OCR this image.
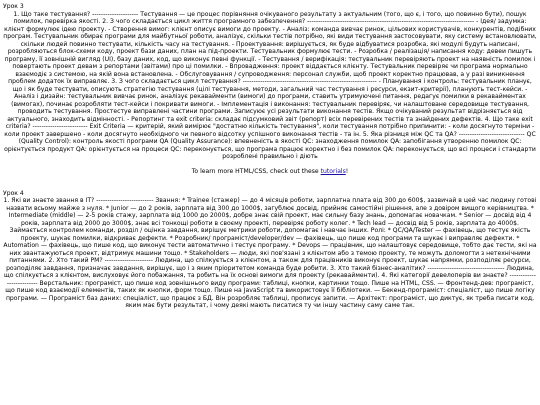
Урок 3
1. Що таке тестування? --------------------- Тестування — це процес порівняння очікуваного результату з актуальним (того, що є, і того, що повинно бути), пошук помилок, перевірка якості. 2. З чого складається цикл життя програмного забезпечення? ---------------------------------------------------------------------------- - Ідея/ задумка: клієнт формулює ідею проекту. - Створення вимог: клієнт описує вимоги до проекту. - Аналіз: команда вивчає ринок, цільових користувачів, конкурентів, подібних програм. Тестувальник обирає програми для майбутньої роботи, аналізує, скільки тестів потрібно, які види тестування застосовувати, яку систему встановлювати, скільки людей повинно тестувати, кількість часу на тестування. - Проектування: вирішується, як буде відбуватися розробка, які модулі будуть написані, розробляються блок-схеми коду, проект бази даних, план на під-проекти. Тестувальник формулює тести. - Розробка / реалізація/ написання коду: девеи пишуть програму, її зовнішній вигляд (UI), базу даних, код, що виконує певні функції. - Тестування / верифікація: тестувальник перевіряють проект на наявність помилок і повертають проект девам з репортами (звітами) про ці помилки. - Впровадження: проект віддається клієнту. Тестувальник перевіряє чи програма нормально взаємодіє з системою, на якій вона встановлена. - Обслуговування / супроводження: персонал служби, щоб проект коректно працював, а у разі виникнення проблем додаток їх виправляє. 3. З чого складається цикл тестування? ------------------------------------------------------------- - Планування і контроль: тестувальник планує, що і як буде тестувати, описують стратегію тестування (цілі тестування, методи, загальний час тестування і ресурси, екзит-критерії), планують тест-кейси. - Аналіз і дизайн: тестувальник вивчає ринок, аналізує рекавайменти (вимоги) до програми, ставить утримуючені питання, редагує помилки в рекавайментах (вимогах), починає розробляти тест-кейси і покривати вимоги. - Імплементація і виконання: тестувальник перевіряє, чи налаштоване середовище тестування, проводить тестування. Простестуе виправлені частини програми. Записуює усі результати виконання тестів. Якщо очікуваний результат відрізняється від актуального, знаходить відмінності. - Репортинг та exit criteria: складає підсумковий звіт (репорт) всіх перевірених тестів та знайдених дефектів. 4. Що таке exit criteria? ------------------------- Exit Criteria — критерій, який вимірює "достатню кількість тестування", коли тестування потрібно припинити: - коли досягнуто терміни - коли проект завершено - коли досягнуто необхідного чи певного відсотку успішного виконання тестів - та ін. 5. Яка різниця між QC та QA? ------------------------------ QC (Quality Control): контроль якості програми QA (Quality Assurance): впевненість в якості QC: знаходження помилок QA: запобігання утворенню помилок QC: орієнтується продукт QA: орієнтується на процеси QC: переконується, що програма працює коректно і без помилок QA: переконується, що всі процеси і стандарти розроблені правильно і діють
To learn more HTML/CSS, check out these tutorials!
Урок 4
1. Які ви знаєте звання в ІТ? -------------------------- Звання: * Trainee (стажер) — до 4 місяців роботи, зарплатна плата від 300 до 600$, зазвичай в цей час людину готові назвати всьому майже з нуля. * Junior — до 2 років, зарплата від 300 до 1000$, загублює досвід, прийняє самостійні рішення, але з довіром вищого керівництва. * Intermediate (middle) — 2-5 років стажу, зарплата від 1000 до 2000$, добре знає свій проект, має сильну базу знань, допомагає новачкам. * Senior — досвід від 4 років, зарплата від 2000 до 3000$, знає всі тонкощі роботи в своєму проекті, перевіряє роботу колег. * Tech lead — досвід від 5 років, зарплата до 4000$. Займається контролем команди, розділ / оцінка завдання, вирішує метрики роботи, допомагає і навчає інших. Ролі: * QC/QA/Tester — фахівець, що тестує якість проекту, шукає помилки, відкриває дефекти. * Розробник/ програміст/developer/dev — фахівець, що пише код програми та шукає і виправляє дефекти. * Automation — фахівець, що пише код, що виконує тести автоматично і тестує програму. * Devops — працівник, що налаштовує середовище, тобто дає тести, які на них звантажуються проект, відтримує машини тощо. * Stakeholders — люди, які пов'язані з клієнтом або з темою проекту, те можуть доломогти з нетехнічними питаннями. 2. Хто такий PM? ---------------------- Людина, що спілкується з клієнтом, а також для працівників виконує проект, шукає напрямки, розподіляє ресурси, розподіляє завдання, призначає завдання, вирішує, що і з яким пріоритетом команда буде робити. 3. Хто такий бізнес-аналітик? ----------------------------------- Людина, що спілкується з клієнтом, вислуховує його побажання, та робить на їх основі вимоги для проекту (рекавайменти). 4. Які категорії девелоперів ви знаєте? -------------------------- Верстальник: програміст, що пише код зовнішнього виду програми: таблиці, кнопки, картинки тощо. Пише на HTML, CSS. — Фронтенд-дев: програміст, що пише код взаємодії елементів, таких як кнопки, форм тощо. Пише на JavaScript та використовує її бібліотеки. — Бекенд-програміст: спеціаліст, що пише логіку програми. — Програміст баз даних: спеціаліст, що працює з БД. Він розробляє таблиці, прописує запити. — Архітект: програміст, що диктує, як треба писати код, яким має бути результат, і чому деякі мають писатися ту чи іншу частину саму саме так.
